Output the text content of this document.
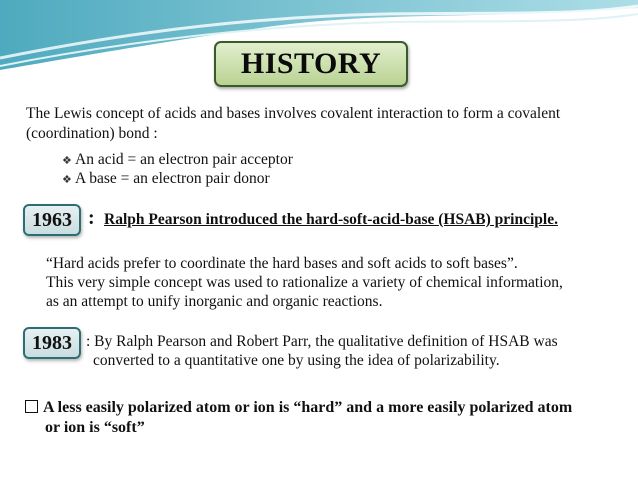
HISTORY
The Lewis concept of acids and bases involves covalent interaction to form a covalent
(coordination) bond :
❖ An acid = an electron pair acceptor
❖ A base = an electron pair donor
1963 : Ralph Pearson introduced the hard-soft-acid-base (HSAB) principle.
“Hard acids prefer to coordinate the hard bases and soft acids to soft bases”.
This very simple concept was used to rationalize a variety of chemical information,
as an attempt to unify inorganic and organic reactions.
1983 : By Ralph Pearson and Robert Parr, the qualitative definition of HSAB was
converted to a quantitative one by using the idea of polarizability.
A less easily polarized atom or ion is “hard” and a more easily polarized atom
or ion is “soft”
